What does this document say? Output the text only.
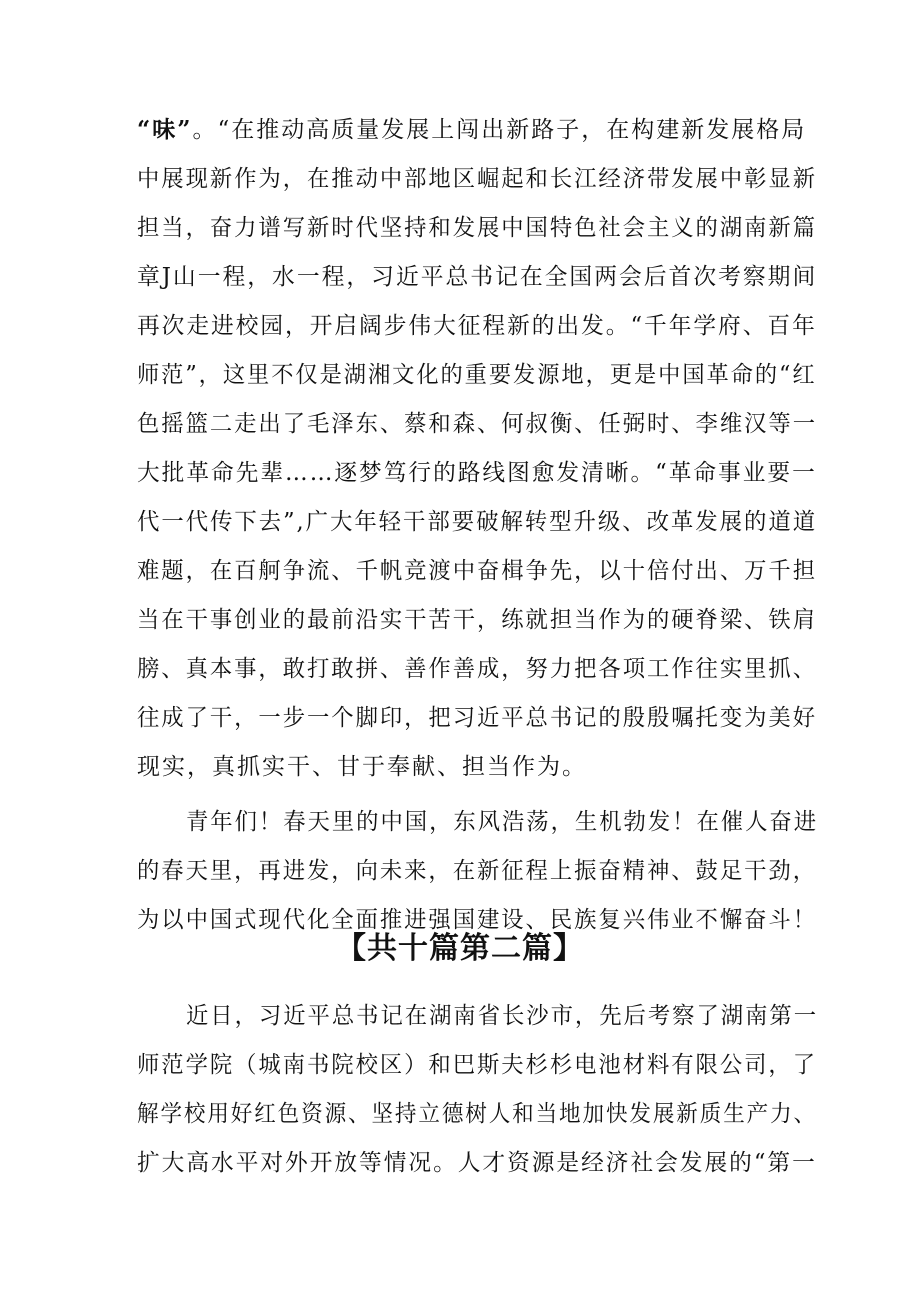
“味”。“在推动高质量发展上闯出新路子，在构建新发展格局
中展现新作为，在推动中部地区崛起和长江经济带发展中彰显新
担当，奋力谱写新时代坚持和发展中国特色社会主义的湖南新篇
章J山一程，水一程，习近平总书记在全国两会后首次考察期间
再次走进校园，开启阔步伟大征程新的出发。“千年学府、百年
师范”，这里不仅是湖湘文化的重要发源地，更是中国革命的“红
色摇篮二走出了毛泽东、蔡和森、何叔衡、任弼时、李维汉等一
大批革命先辈……逐梦笃行的路线图愈发清晰。“革命事业要一
代一代传下去”,广大年轻干部要破解转型升级、改革发展的道道
难题，在百舸争流、千帆竞渡中奋楫争先，以十倍付出、万千担
当在干事创业的最前沿实干苦干，练就担当作为的硬脊梁、铁肩
膀、真本事，敢打敢拼、善作善成，努力把各项工作往实里抓、
往成了干，一步一个脚印，把习近平总书记的殷殷嘱托变为美好
现实，真抓实干、甘于奉献、担当作为。
青年们！春天里的中国，东风浩荡，生机勃发！在催人奋进
的春天里，再进发，向未来，在新征程上振奋精神、鼓足干劲，
为以中国式现代化全面推进强国建设、民族复兴伟业不懈奋斗！
【共十篇第二篇】
近日，习近平总书记在湖南省长沙市，先后考察了湖南第一
师范学院（城南书院校区）和巴斯夫杉杉电池材料有限公司，了
解学校用好红色资源、坚持立德树人和当地加快发展新质生产力、
扩大高水平对外开放等情况。人才资源是经济社会发展的“第一
